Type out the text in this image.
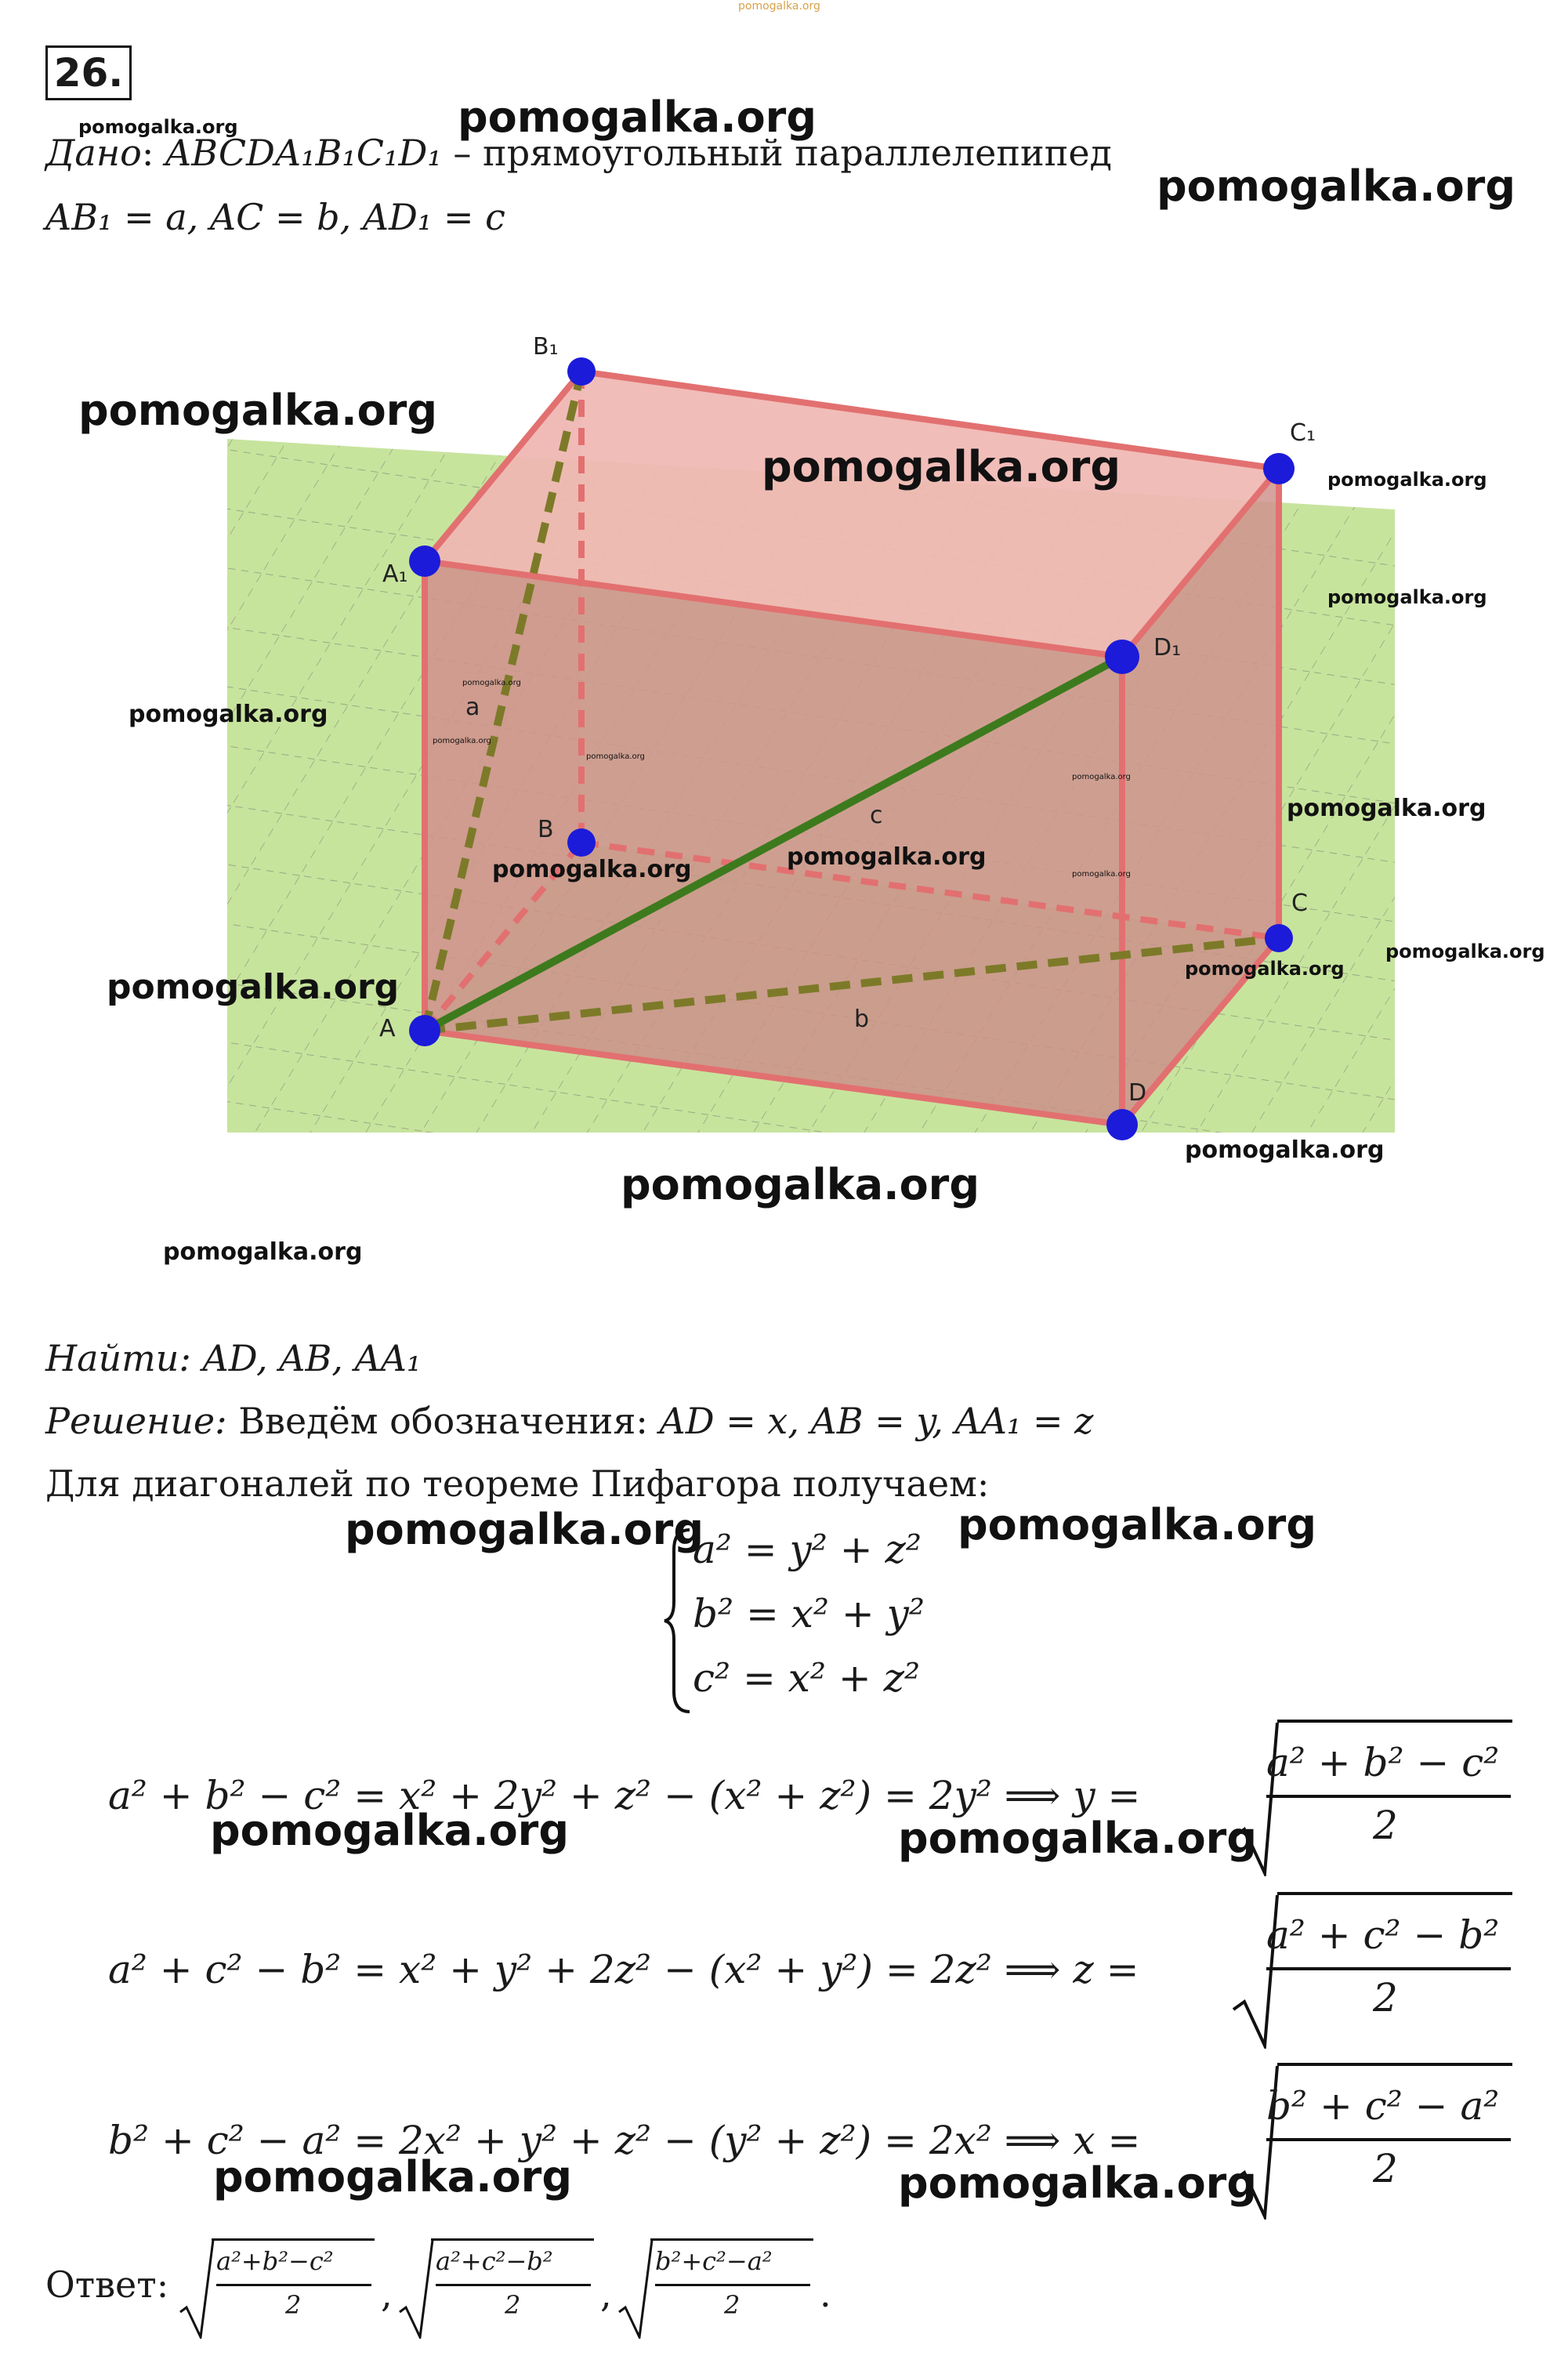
pomogalka.org
26.
Дано: ABCDA₁B₁C₁D₁ – прямоугольный параллелепипед
AB₁ = a, AC = b, AD₁ = c
A
B
C
D
A₁
B₁
C₁
D₁
a
b
c
pomogalka.org	pomogalka.org
pomogalka.org
pomogalka.org
pomogalka.org	pomogalka.org
pomogalka.org
pomogalka.org
pomogalka.org
pomogalka.org
pomogalka.org
pomogalka.org
pomogalka.org
pomogalka.org
pomogalka.org
pomogalka.org
pomogalka.org
pomogalka.org
pomogalka.org
pomogalka.org
pomogalka.org
pomogalka.org
Найти: AD, AB, AA₁
Решение: Введём обозначения: AD = x, AB = y, AA₁ = z
Для диагоналей по теореме Пифагора получаем:
a² = y² + z²
b² = x² + y²
c² = x² + z²
pomogalka.org	pomogalka.org
a² + b² − c² = x² + 2y² + z² − (x² + z²) = 2y² ⟹ y =
a² + b² − c²
2
pomogalka.org	pomogalka.org
a² + c² − b² = x² + y² + 2z² − (x² + y²) = 2z² ⟹ z =
a² + c² − b²
2
b² + c² − a² = 2x² + y² + z² − (y² + z²) = 2x² ⟹ x =
b² + c² − a²
2
pomogalka.org	pomogalka.org
Ответ:
a²+b²−c²
2 ,
a²+c²−b²
2 ,
b²+c²−a²
2 .
